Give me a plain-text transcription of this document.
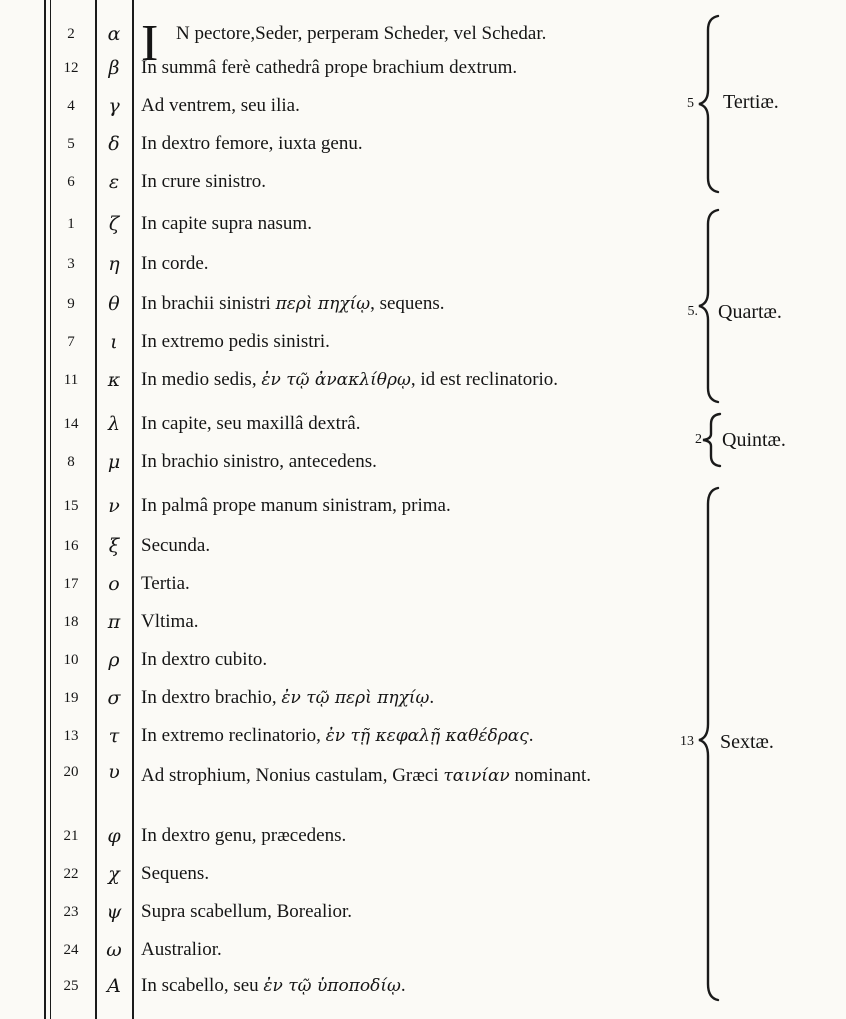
I
2	α	N pectore,Seder, perperam Scheder, vel Schedar.
12	β	In summâ ferè cathedrâ prope brachium dextrum.
4	γ	Ad ventrem, seu ilia.
5	δ	In dextro femore, iuxta genu.
6	ε	In crure sinistro.
1	ζ	In capite supra nasum.
3	η	In corde.
9	θ	In brachii sinistri περὶ πηχίῳ, sequens.
7	ι	In extremo pedis sinistri.
11	κ	In medio sedis, ἐν τῷ ἀνακλίθρῳ, id est reclinatorio.
14	λ	In capite, seu maxillâ dextrâ.
8	μ	In brachio sinistro, antecedens.
15	ν	In palmâ prope manum sinistram, prima.
16	ξ	Secunda.
17	ο	Tertia.
18	π	Vltima.
10	ρ	In dextro cubito.
19	σ	In dextro brachio, ἐν τῷ περὶ πηχίῳ.
13	τ	In extremo reclinatorio, ἐν τῇ κεφαλῇ καθέδρας.
20	υ	Ad strophium, Nonius castulam, Græci ταινίαν nominant.
21	φ	In dextro genu, præcedens.
22	χ	Sequens.
23	ψ	Supra scabellum, Borealior.
24	ω	Australior.
25	A	In scabello, seu ἐν τῷ ὑποποδίῳ.
5 Tertiæ.
5. Quartæ.
2 Quintæ.
13 Sextæ.
